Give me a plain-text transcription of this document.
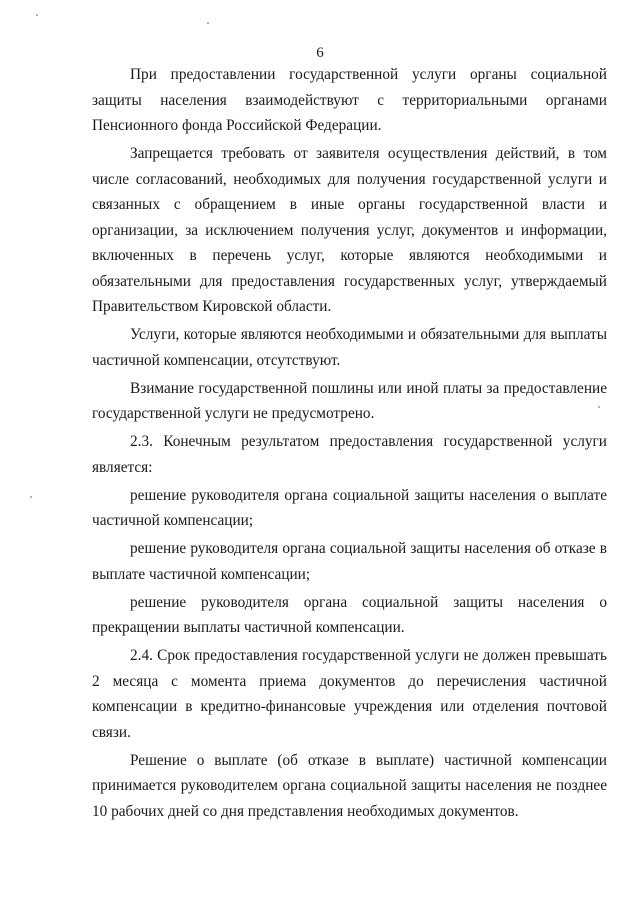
6

При предоставлении государственной услуги органы социальной защиты населения взаимодействуют с территориальными органами Пенсионного фонда Российской Федерации.

Запрещается требовать от заявителя осуществления действий, в том числе согласований, необходимых для получения государственной услуги и связанных с обращением в иные органы государственной власти и организации, за исключением получения услуг, документов и информации, включенных в перечень услуг, которые являются необходимыми и обязательными для предоставления государственных услуг, утверждаемый Правительством Кировской области.

Услуги, которые являются необходимыми и обязательными для выплаты частичной компенсации, отсутствуют.

Взимание государственной пошлины или иной платы за предоставление государственной услуги не предусмотрено.

2.3. Конечным результатом предоставления государственной услуги является:

решение руководителя органа социальной защиты населения о выплате частичной компенсации;

решение руководителя органа социальной защиты населения об отказе в выплате частичной компенсации;

решение руководителя органа социальной защиты населения о прекращении выплаты частичной компенсации.

2.4. Срок предоставления государственной услуги не должен превышать 2 месяца с момента приема документов до перечисления частичной компенсации в кредитно-финансовые учреждения или отделения почтовой связи.

Решение о выплате (об отказе в выплате) частичной компенсации принимается руководителем органа социальной защиты населения не позднее 10 рабочих дней со дня представления необходимых документов.
